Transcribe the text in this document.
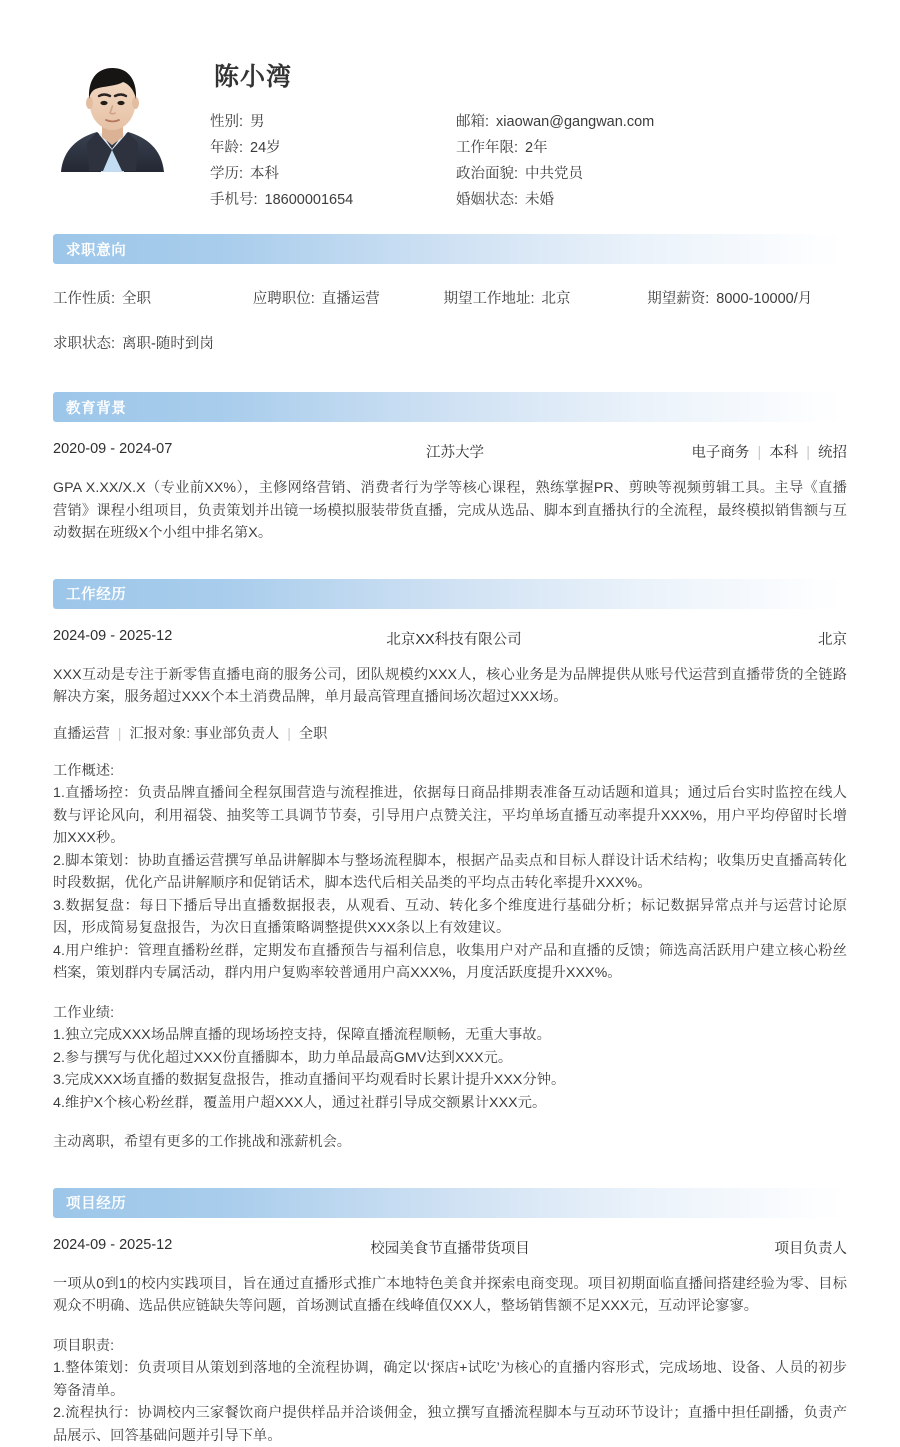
陈小湾
性别: 男
年龄: 24岁
学历: 本科
手机号: 18600001654
邮箱: xiaowan@gangwan.com
工作年限: 2年
政治面貌: 中共党员
婚姻状态: 未婚
求职意向
工作性质: 全职	应聘职位: 直播运营	期望工作地址: 北京	期望薪资: 8000-10000/月
求职状态: 离职-随时到岗
教育背景
2020-09 - 2024-07	江苏大学	电子商务 | 本科 | 统招
GPA X.XX/X.X（专业前XX%），主修网络营销、消费者行为学等核心课程，熟练掌握PR、剪映等视频剪辑工具。主导《直播营销》课程小组项目，负责策划并出镜一场模拟服装带货直播，完成从选品、脚本到直播执行的全流程，最终模拟销售额与互动数据在班级X个小组中排名第X。
工作经历
2024-09 - 2025-12	北京XX科技有限公司	北京
XXX互动是专注于新零售直播电商的服务公司，团队规模约XXX人，核心业务是为品牌提供从账号代运营到直播带货的全链路解决方案，服务超过XXX个本土消费品牌，单月最高管理直播间场次超过XXX场。
直播运营 | 汇报对象: 事业部负责人 | 全职
工作概述:
1.直播场控：负责品牌直播间全程氛围营造与流程推进，依据每日商品排期表准备互动话题和道具；通过后台实时监控在线人数与评论风向，利用福袋、抽奖等工具调节节奏，引导用户点赞关注，平均单场直播互动率提升XXX%，用户平均停留时长增加XXX秒。
2.脚本策划：协助直播运营撰写单品讲解脚本与整场流程脚本，根据产品卖点和目标人群设计话术结构；收集历史直播高转化时段数据，优化产品讲解顺序和促销话术，脚本迭代后相关品类的平均点击转化率提升XXX%。
3.数据复盘：每日下播后导出直播数据报表，从观看、互动、转化多个维度进行基础分析；标记数据异常点并与运营讨论原因，形成简易复盘报告，为次日直播策略调整提供XXX条以上有效建议。
4.用户维护：管理直播粉丝群，定期发布直播预告与福利信息，收集用户对产品和直播的反馈；筛选高活跃用户建立核心粉丝档案，策划群内专属活动，群内用户复购率较普通用户高XXX%，月度活跃度提升XXX%。
工作业绩:
1.独立完成XXX场品牌直播的现场场控支持，保障直播流程顺畅，无重大事故。
2.参与撰写与优化超过XXX份直播脚本，助力单品最高GMV达到XXX元。
3.完成XXX场直播的数据复盘报告，推动直播间平均观看时长累计提升XXX分钟。
4.维护X个核心粉丝群，覆盖用户超XXX人，通过社群引导成交额累计XXX元。
主动离职，希望有更多的工作挑战和涨薪机会。
项目经历
2024-09 - 2025-12	校园美食节直播带货项目	项目负责人
一项从0到1的校内实践项目，旨在通过直播形式推广本地特色美食并探索电商变现。项目初期面临直播间搭建经验为零、目标观众不明确、选品供应链缺失等问题，首场测试直播在线峰值仅XX人，整场销售额不足XXX元，互动评论寥寥。
项目职责:
1.整体策划：负责项目从策划到落地的全流程协调，确定以‘探店+试吃’为核心的直播内容形式，完成场地、设备、人员的初步筹备清单。
2.流程执行：协调校内三家餐饮商户提供样品并洽谈佣金，独立撰写直播流程脚本与互动环节设计；直播中担任副播，负责产品展示、回答基础问题并引导下单。
